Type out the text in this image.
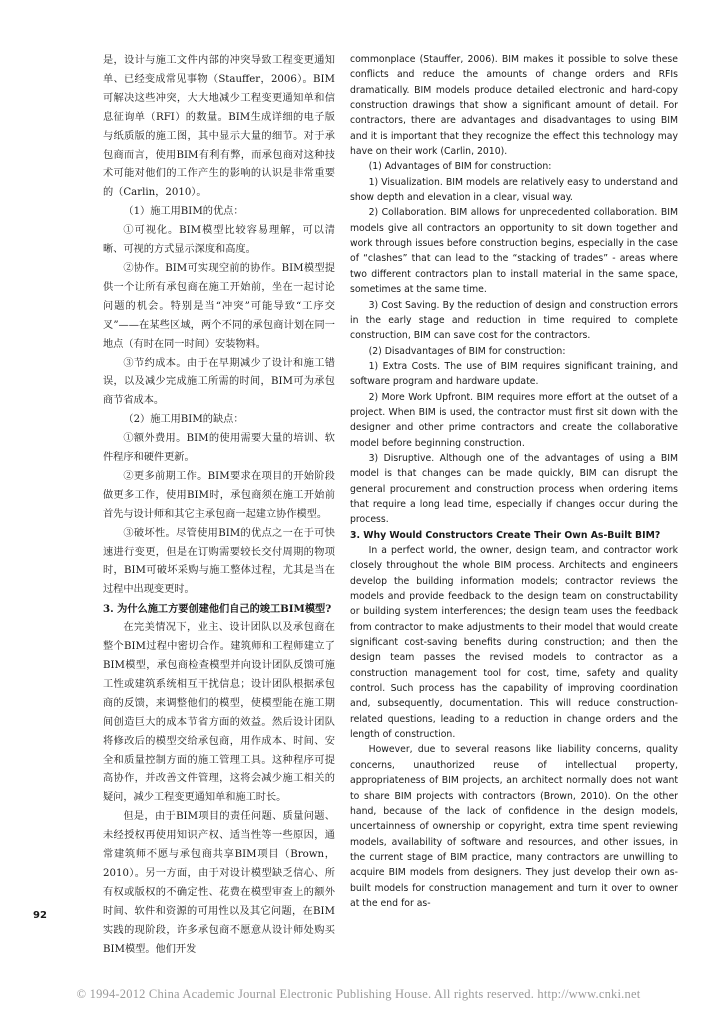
是，设计与施工文件内部的冲突导致工程变更通知单、已经变成常见事物（Stauffer，2006）。BIM可解决这些冲突，大大地减少工程变更通知单和信息征询单（RFI）的数量。BIM生成详细的电子版与纸质版的施工图，其中显示大量的细节。对于承包商而言，使用BIM有利有弊，而承包商对这种技术可能对他们的工作产生的影响的认识是非常重要的（Carlin，2010）。

（1）施工用BIM的优点：

①可视化。BIM模型比较容易理解，可以清晰、可视的方式显示深度和高度。

②协作。BIM可实现空前的协作。BIM模型提供一个让所有承包商在施工开始前，坐在一起讨论问题的机会。特别是当“冲突”可能导致“工序交叉”——在某些区域，两个不同的承包商计划在同一地点（有时在同一时间）安装物料。

③节约成本。由于在早期减少了设计和施工错误，以及减少完成施工所需的时间，BIM可为承包商节省成本。

（2）施工用BIM的缺点：

①额外费用。BIM的使用需要大量的培训、软件程序和硬件更新。

②更多前期工作。BIM要求在项目的开始阶段做更多工作，使用BIM时，承包商须在施工开始前首先与设计师和其它主承包商一起建立协作模型。

③破坏性。尽管使用BIM的优点之一在于可快速进行变更，但是在订购需要较长交付周期的物项时，BIM可破坏采购与施工整体过程，尤其是当在过程中出现变更时。

3. 为什么施工方要创建他们自己的竣工BIM模型?

在完美情况下，业主、设计团队以及承包商在整个BIM过程中密切合作。建筑师和工程师建立了BIM模型，承包商检查模型并向设计团队反馈可施工性或建筑系统相互干扰信息；设计团队根据承包商的反馈，来调整他们的模型，使模型能在施工期间创造巨大的成本节省方面的效益。然后设计团队将修改后的模型交给承包商，用作成本、时间、安全和质量控制方面的施工管理工具。这种程序可提高协作，并改善文件管理，这将会减少施工相关的疑问，减少工程变更通知单和施工时长。

但是，由于BIM项目的责任问题、质量问题、未经授权再使用知识产权、适当性等一些原因，通常建筑师不愿与承包商共享BIM项目（Brown，2010）。另一方面，由于对设计模型缺乏信心、所有权或版权的不确定性、花费在模型审查上的额外时间、软件和资源的可用性以及其它问题，在BIM实践的现阶段，许多承包商不愿意从设计师处购买BIM模型。他们开发

commonplace (Stauffer, 2006). BIM makes it possible to solve these conflicts and reduce the amounts of change orders and RFIs dramatically. BIM models produce detailed electronic and hard-copy construction drawings that show a significant amount of detail. For contractors, there are advantages and disadvantages to using BIM and it is important that they recognize the effect this technology may have on their work (Carlin, 2010).

(1) Advantages of BIM for construction:

1) Visualization. BIM models are relatively easy to understand and show depth and elevation in a clear, visual way.

2) Collaboration. BIM allows for unprecedented collaboration. BIM models give all contractors an opportunity to sit down together and work through issues before construction begins, especially in the case of “clashes” that can lead to the “stacking of trades” - areas where two different contractors plan to install material in the same space, sometimes at the same time.

3) Cost Saving. By the reduction of design and construction errors in the early stage and reduction in time required to complete construction, BIM can save cost for the contractors.

(2) Disadvantages of BIM for construction:

1) Extra Costs. The use of BIM requires significant training, and software program and hardware update.

2) More Work Upfront. BIM requires more effort at the outset of a project. When BIM is used, the contractor must first sit down with the designer and other prime contractors and create the collaborative model before beginning construction.

3) Disruptive. Although one of the advantages of using a BIM model is that changes can be made quickly, BIM can disrupt the general procurement and construction process when ordering items that require a long lead time, especially if changes occur during the process.

3. Why Would Constructors Create Their Own As-Built BIM?

In a perfect world, the owner, design team, and contractor work closely throughout the whole BIM process. Architects and engineers develop the building information models; contractor reviews the models and provide feedback to the design team on constructability or building system interferences; the design team uses the feedback from contractor to make adjustments to their model that would create significant cost-saving benefits during construction; and then the design team passes the revised models to contractor as a construction management tool for cost, time, safety and quality control. Such process has the capability of improving coordination and, subsequently, documentation. This will reduce construction-related questions, leading to a reduction in change orders and the length of construction.

However, due to several reasons like liability concerns, quality concerns, unauthorized reuse of intellectual property, appropriateness of BIM projects, an architect normally does not want to share BIM projects with contractors (Brown, 2010). On the other hand, because of the lack of confidence in the design models, uncertainness of ownership or copyright, extra time spent reviewing models, availability of software and resources, and other issues, in the current stage of BIM practice, many contractors are unwilling to acquire BIM models from designers. They just develop their own as-built models for construction management and turn it over to owner at the end for as-

92
© 1994-2012 China Academic Journal Electronic Publishing House. All rights reserved. http://www.cnki.net
